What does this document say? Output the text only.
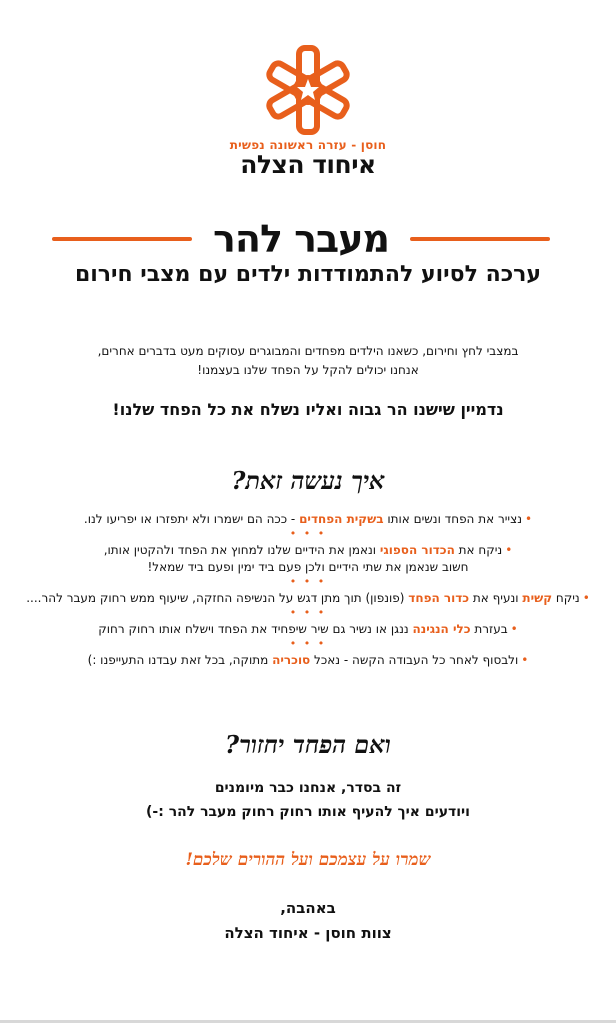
חוסן - עזרה ראשונה נפשית

איחוד הצלה
מעבר להר
ערכה לסיוע להתמודדות ילדים עם מצבי חירום

במצבי לחץ וחירום, כשאנו הילדים מפחדים והמבוגרים עסוקים מעט בדברים אחרים,
אנחנו יכולים להקל על הפחד שלנו בעצמנו!

נדמיין שישנו הר גבוה ואליו נשלח את כל הפחד שלנו!

איך נעשה זאת?
•נצייר את הפחד ונשים אותו בשקית הפחדים - ככה הם ישמרו ולא יתפזרו או יפריעו לנו.
• • •
•ניקח את הכדור הספוגי ונאמן את הידיים שלנו למחוץ את הפחד ולהקטין אותו,
חשוב שנאמן את שתי הידיים ולכן פעם ביד ימין ופעם ביד שמאל!
• • •
•ניקח קשית ונעיף את כדור הפחד (פונפון) תוך מתן דגש על הנשיפה החזקה, שיעוף ממש רחוק מעבר להר....
• • •
•בעזרת כלי הנגינה ננגן או נשיר גם שיר שיפחיד את הפחד וישלח אותו רחוק רחוק
• • •
•ולבסוף לאחר כל העבודה הקשה - נאכל סוכריה מתוקה, בכל זאת עבדנו התעייפנו :)
ואם הפחד יחזור?

זה בסדר, אנחנו כבר מיומנים
ויודעים איך להעיף אותו רחוק רחוק מעבר להר :-)

שמרו על עצמכם ועל ההורים שלכם!

באהבה,
צוות חוסן - איחוד הצלה
